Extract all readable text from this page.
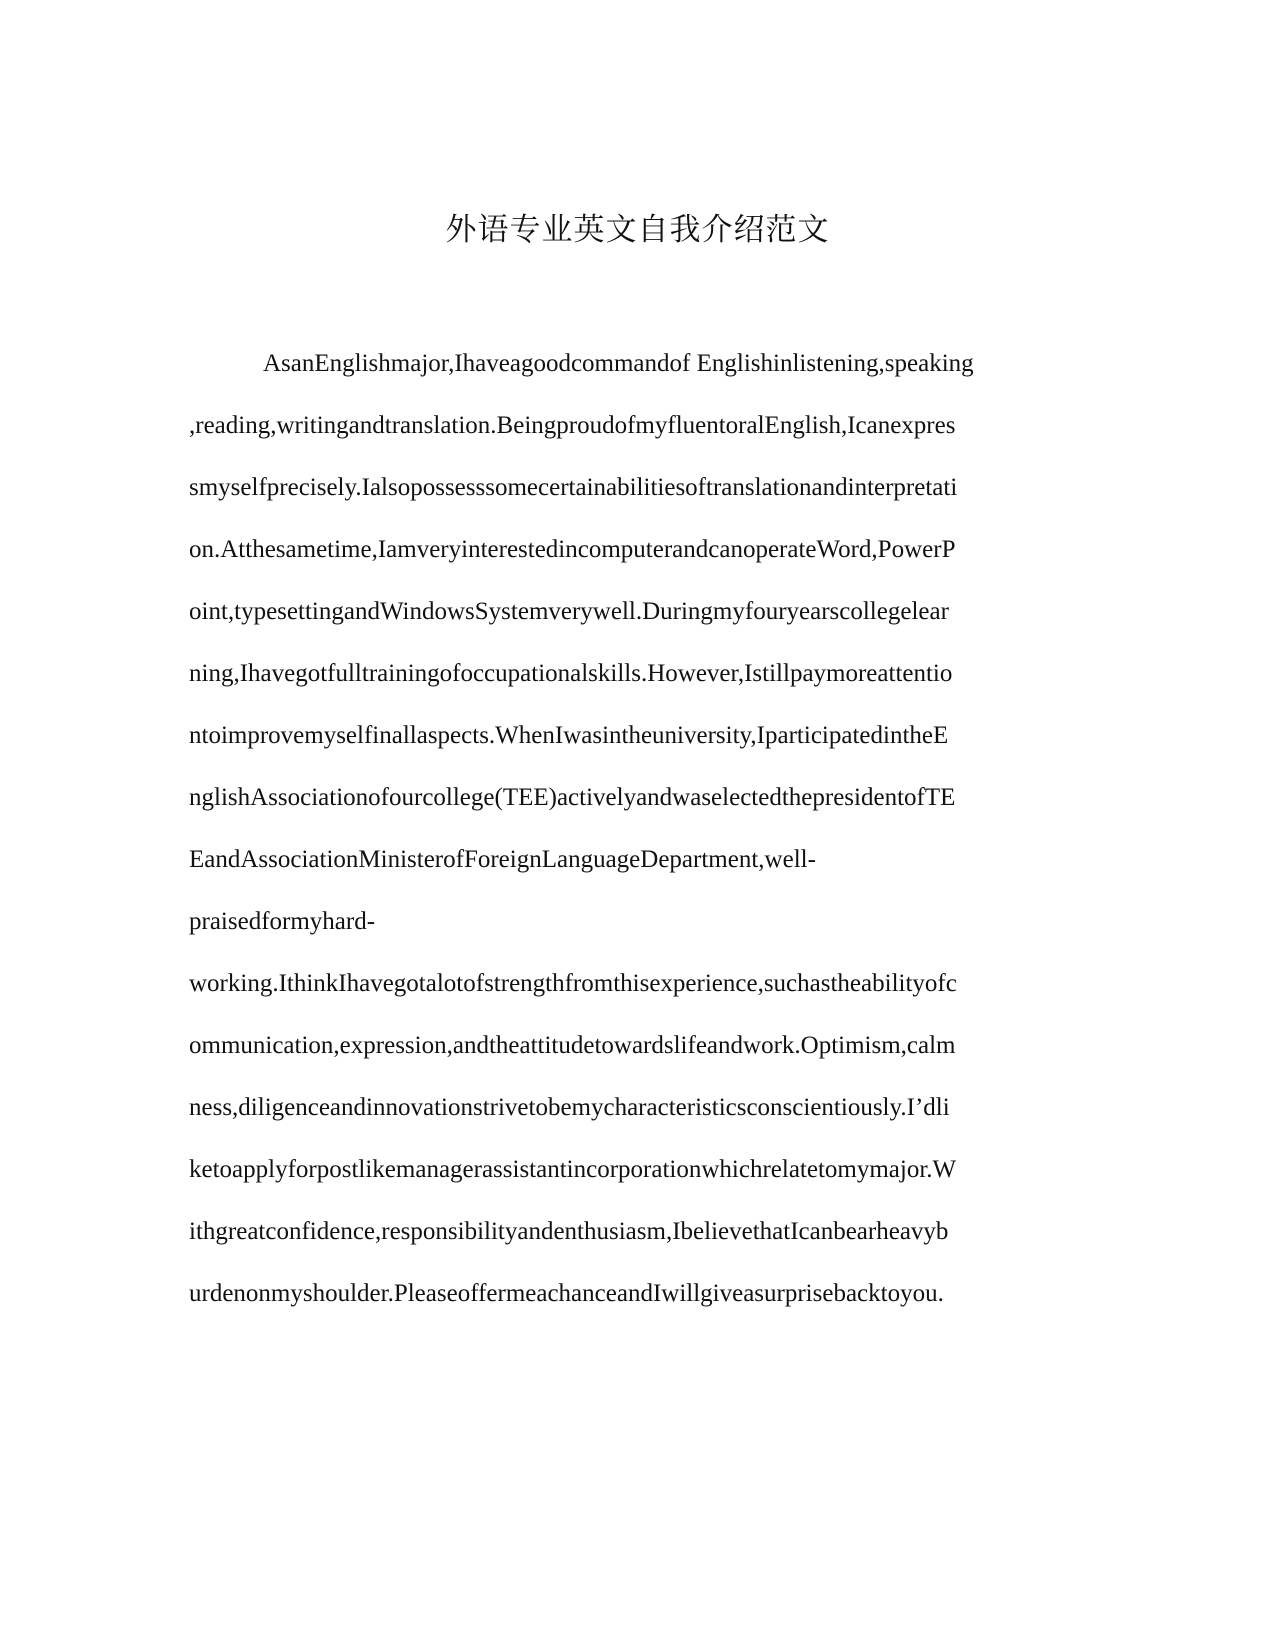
外语专业英文自我介绍范文
AsanEnglishmajor,Ihaveagoodcommandof Englishinlistening,speaking
,reading,writingandtranslation.BeingproudofmyfluentoralEnglish,Icanexpres
smyselfprecisely.Ialsopossesssomecertainabilitiesoftranslationandinterpretati
on.Atthesametime,IamveryinterestedincomputerandcanoperateWord,PowerP
oint,typesettingandWindowsSystemverywell.Duringmyfouryearscollegelear
ning,Ihavegotfulltrainingofoccupationalskills.However,Istillpaymoreattentio
ntoimprovemyselfinallaspects.WhenIwasintheuniversity,IparticipatedintheE
nglishAssociationofourcollege(TEE)activelyandwaselectedthepresidentofTE
EandAssociationMinisterofForeignLanguageDepartment,well-
praisedformyhard-
working.IthinkIhavegotalotofstrengthfromthisexperience,suchastheabilityofc
ommunication,expression,andtheattitudetowardslifeandwork.Optimism,calm
ness,diligenceandinnovationstrivetobemycharacteristicsconscientiously.I’dli
ketoapplyforpostlikemanagerassistantincorporationwhichrelatetomymajor.W
ithgreatconfidence,responsibilityandenthusiasm,IbelievethatIcanbearheavyb
urdenonmyshoulder.PleaseoffermeachanceandIwillgiveasurprisebacktoyou.
